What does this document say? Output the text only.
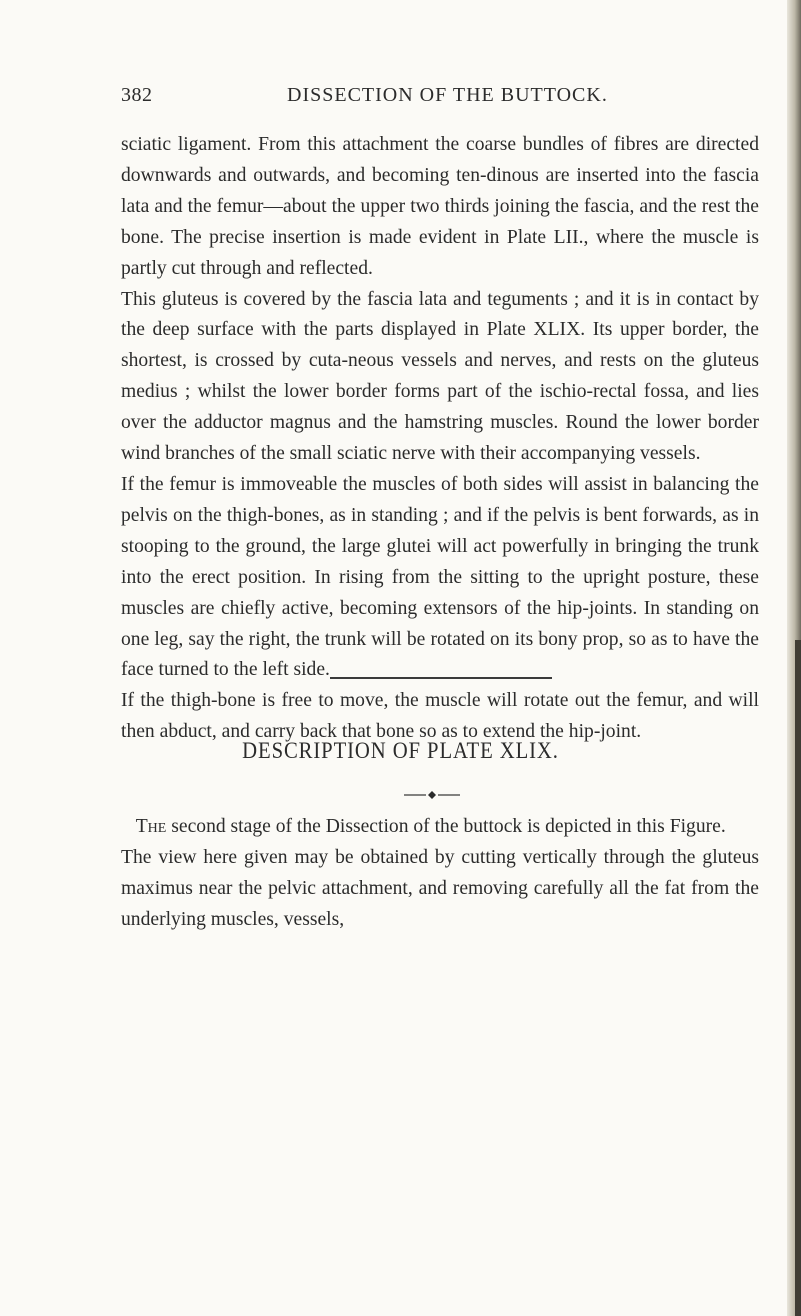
382	DISSECTION OF THE BUTTOCK.

sciatic ligament. From this attachment the coarse bundles of fibres are directed downwards and outwards, and becoming ten-dinous are inserted into the fascia lata and the femur—about the upper two thirds joining the fascia, and the rest the bone. The precise insertion is made evident in Plate LII., where the muscle is partly cut through and reflected.

This gluteus is covered by the fascia lata and teguments ; and it is in contact by the deep surface with the parts displayed in Plate XLIX. Its upper border, the shortest, is crossed by cuta-neous vessels and nerves, and rests on the gluteus medius ; whilst the lower border forms part of the ischio-rectal fossa, and lies over the adductor magnus and the hamstring muscles. Round the lower border wind branches of the small sciatic nerve with their accompanying vessels.

If the femur is immoveable the muscles of both sides will assist in balancing the pelvis on the thigh-bones, as in standing ; and if the pelvis is bent forwards, as in stooping to the ground, the large glutei will act powerfully in bringing the trunk into the erect position. In rising from the sitting to the upright posture, these muscles are chiefly active, becoming extensors of the hip-joints. In standing on one leg, say the right, the trunk will be rotated on its bony prop, so as to have the face turned to the left side.

If the thigh-bone is free to move, the muscle will rotate out the femur, and will then abduct, and carry back that bone so as to extend the hip-joint.

DESCRIPTION OF PLATE XLIX.

The second stage of the Dissection of the buttock is depicted in this Figure.

The view here given may be obtained by cutting vertically through the gluteus maximus near the pelvic attachment, and removing carefully all the fat from the underlying muscles, vessels,
